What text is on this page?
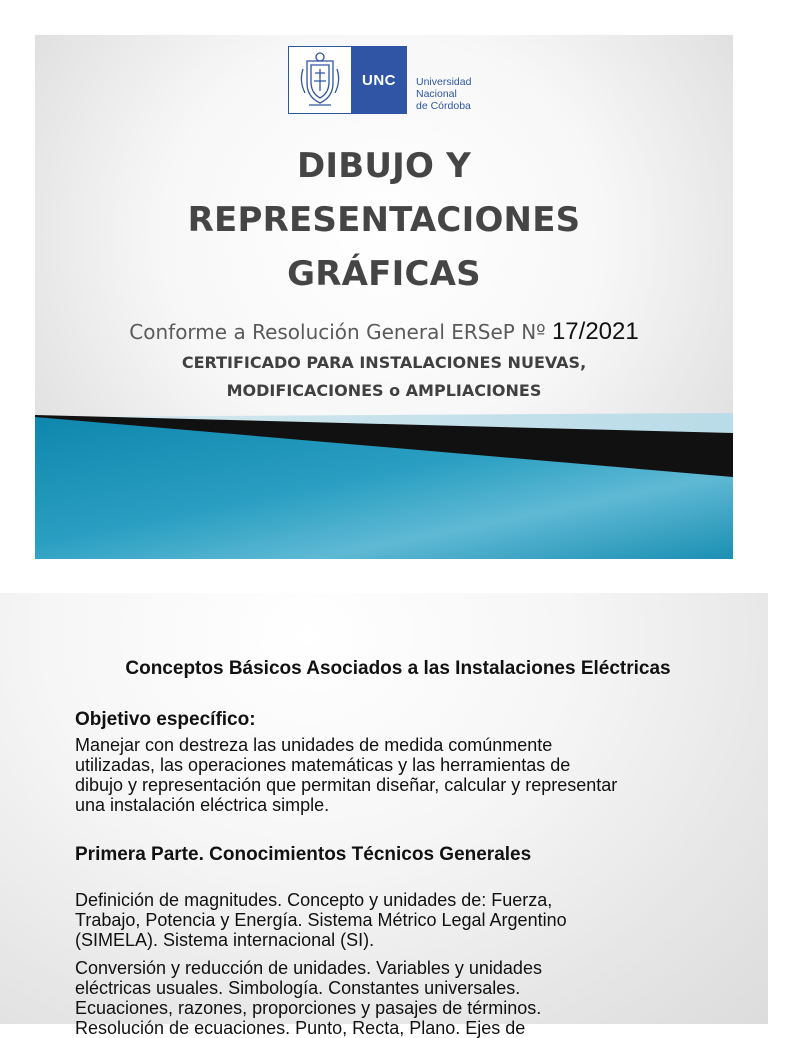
UNC	Universidad
Nacional
de Córdoba
DIBUJO Y
REPRESENTACIONES
GRÁFICAS
Conforme a Resolución General ERSeP Nº 17/2021
CERTIFICADO PARA INSTALACIONES NUEVAS,
MODIFICACIONES o AMPLIACIONES
Conceptos Básicos Asociados a las Instalaciones Eléctricas
Objetivo específico:
Manejar con destreza las unidades de medida comúnmente
utilizadas, las operaciones matemáticas y las herramientas de
dibujo y representación que permitan diseñar, calcular y representar
una instalación eléctrica simple.
Primera Parte. Conocimientos Técnicos Generales
Definición de magnitudes. Concepto y unidades de: Fuerza,
Trabajo, Potencia y Energía. Sistema Métrico Legal Argentino
(SIMELA). Sistema internacional (SI).
Conversión y reducción de unidades. Variables y unidades
eléctricas usuales. Simbología. Constantes universales.
Ecuaciones, razones, proporciones y pasajes de términos.
Resolución de ecuaciones. Punto, Recta, Plano. Ejes de
